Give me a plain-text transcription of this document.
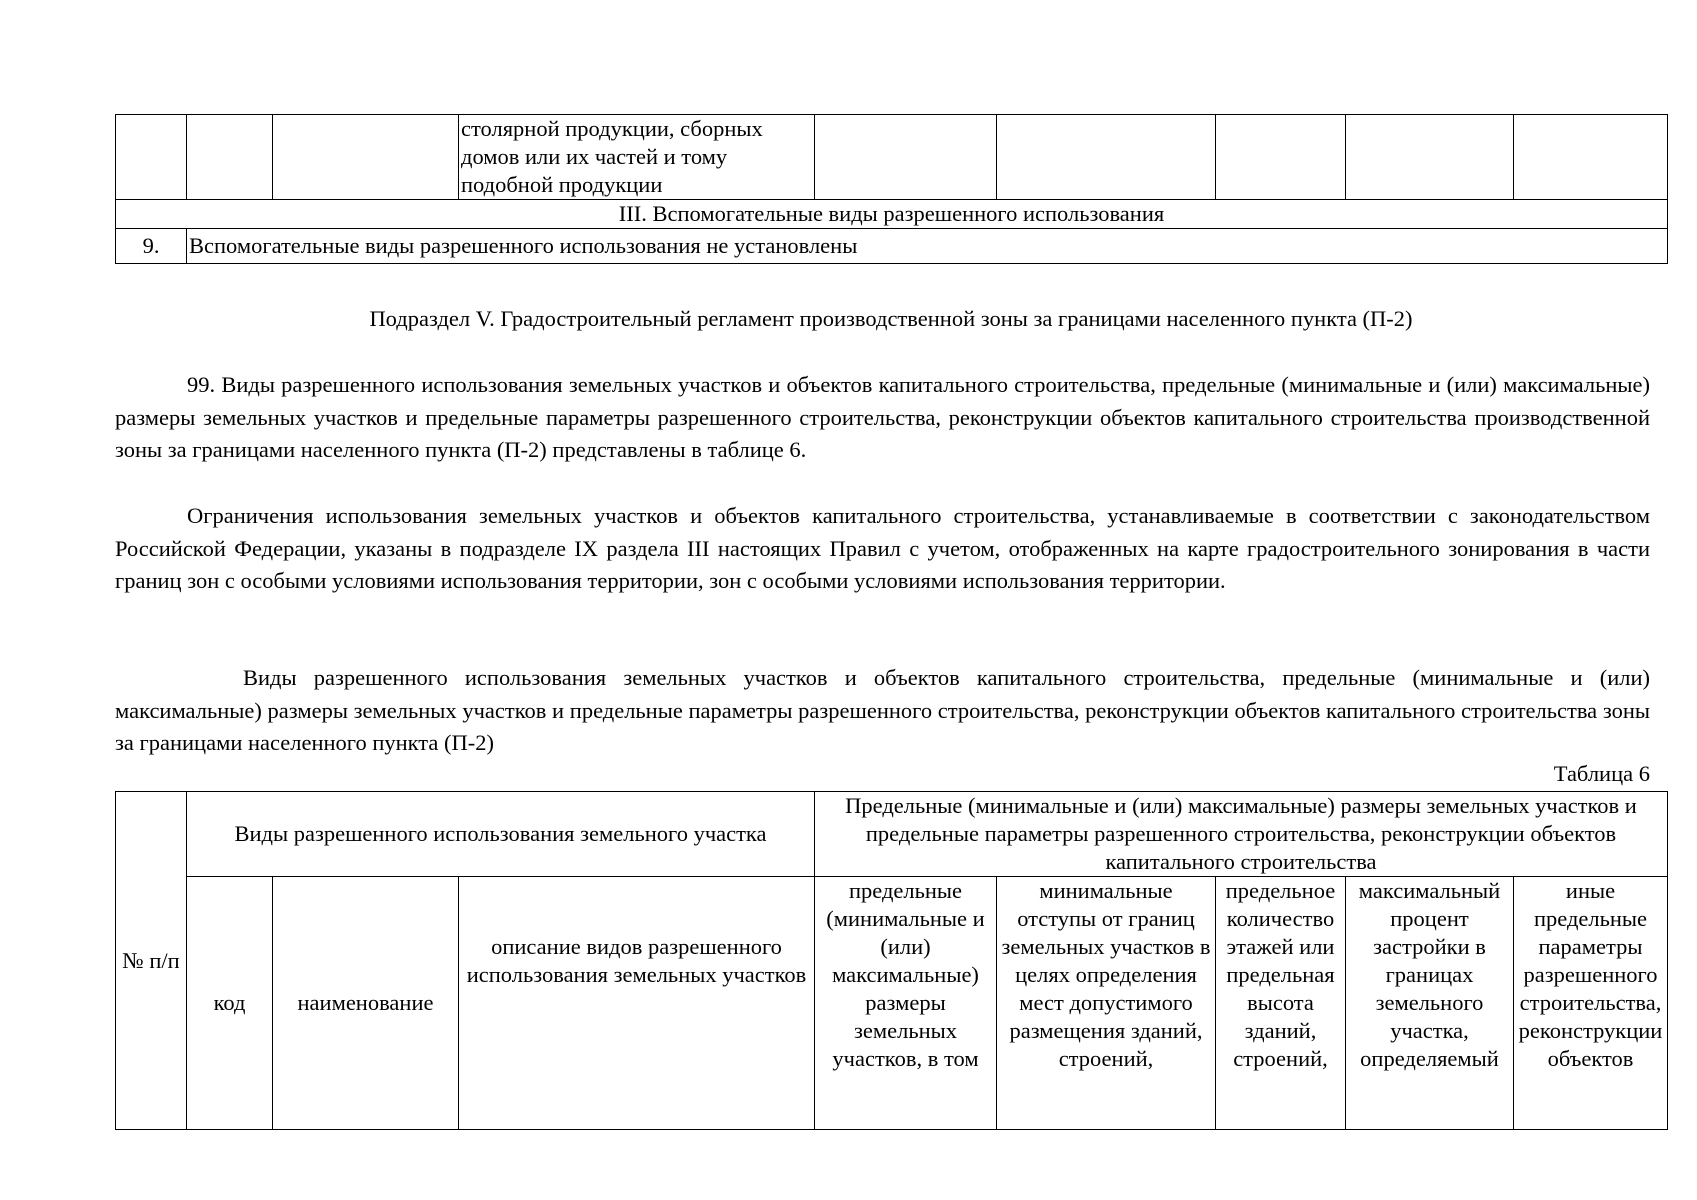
			столярной продукции, сборных домов или их частей и тому подобной продукции					
III. Вспомогательные виды разрешенного использования								
9.	Вспомогательные виды разрешенного использования не установлены							
Подраздел V. Градостроительный регламент производственной зоны за границами населенного пункта (П-2)
99. Виды разрешенного использования земельных участков и объектов капитального строительства, предельные (минимальные и (или) максимальные) размеры земельных участков и предельные параметры разрешенного строительства, реконструкции объектов капитального строительства производственной зоны за границами населенного пункта (П-2) представлены в таблице 6.
Ограничения использования земельных участков и объектов капитального строительства, устанавливаемые в соответствии с законодательством Российской Федерации, указаны в подразделе IX раздела III настоящих Правил с учетом, отображенных на карте градостроительного зонирования в части границ зон с особыми условиями использования территории, зон с особыми условиями использования территории.
Виды разрешенного использования земельных участков и объектов капитального строительства, предельные (минимальные и (или) максимальные) размеры земельных участков и предельные параметры разрешенного строительства, реконструкции объектов капитального строительства зоны за границами населенного пункта (П-2)
Таблица 6
№ п/п	Виды разрешенного использования земельного участка			Предельные (минимальные и (или) максимальные) размеры земельных участков и предельные параметры разрешенного строительства, реконструкции объектов капитального строительства				
	код	наименование	описание видов разрешенного использования земельных участков	предельные (минимальные и (или) максимальные) размеры земельных участков, в том	минимальные отступы от границ земельных участков в целях определения мест допустимого размещения зданий, строений,	предельное количество этажей или предельная высота зданий, строений,	максимальный процент застройки в границах земельного участка, определяемый	иные предельные параметры разрешенного строительства, реконструкции объектов
